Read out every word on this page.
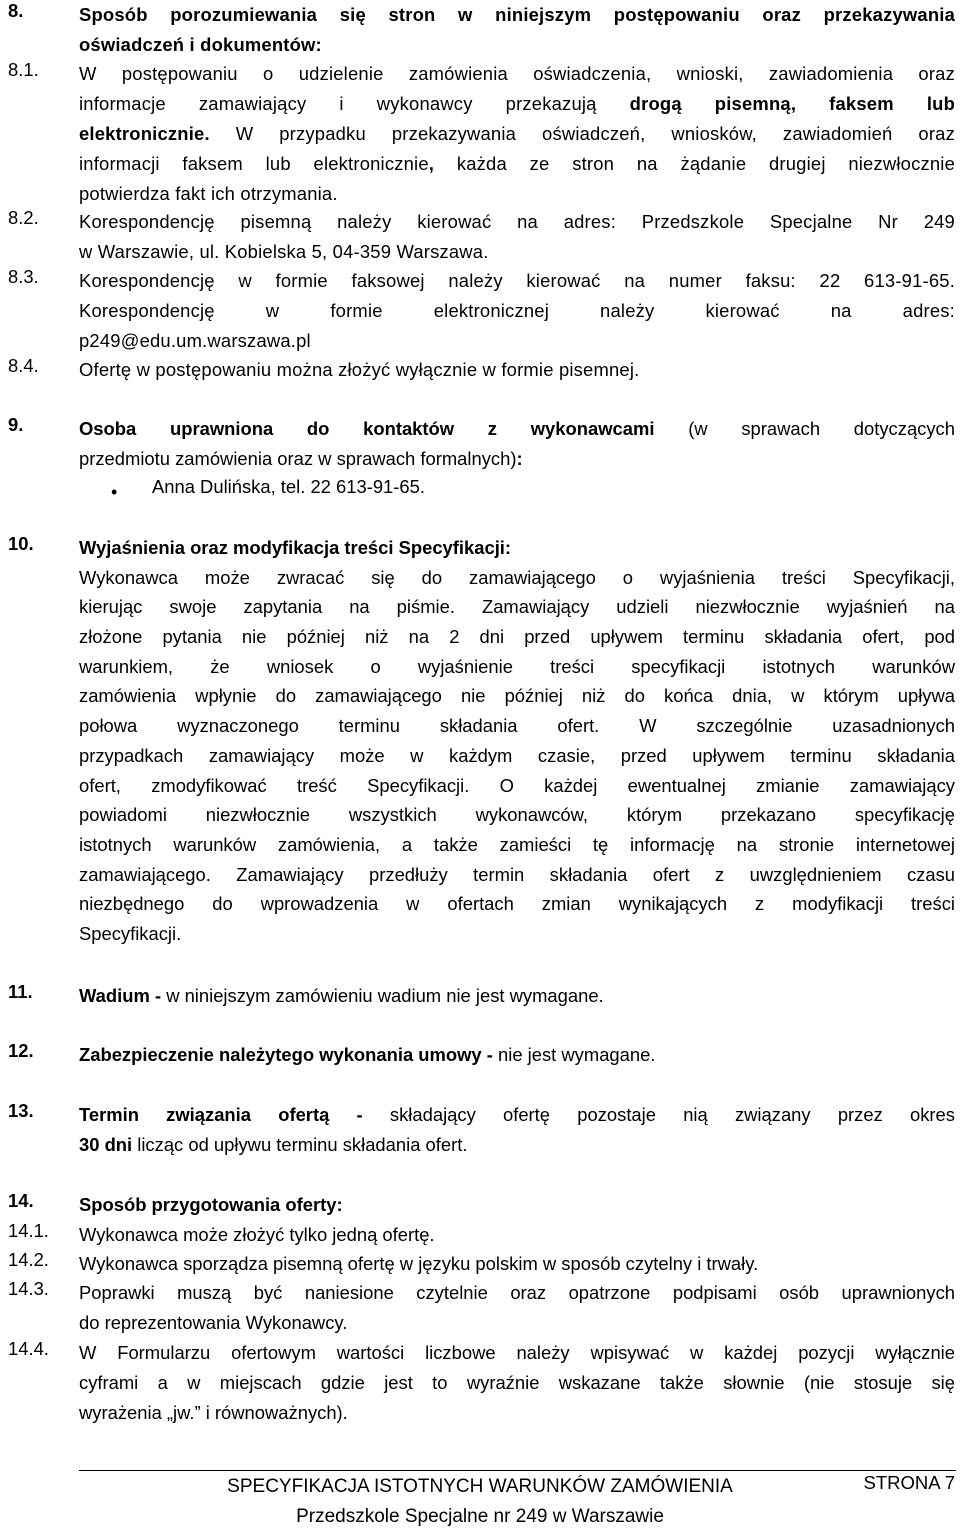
8.	Sposób porozumiewania się stron w niniejszym postępowaniu oraz przekazywania
oświadczeń i dokumentów:
8.1. W postępowaniu o udzielenie zamówienia oświadczenia, wnioski, zawiadomienia oraz
informacje zamawiający i wykonawcy przekazują drogą pisemną, faksem lub
elektronicznie. W przypadku przekazywania oświadczeń, wniosków, zawiadomień oraz
informacji faksem lub elektronicznie, każda ze stron na żądanie drugiej niezwłocznie
potwierdza fakt ich otrzymania.
8.2. Korespondencję pisemną należy kierować na adres: Przedszkole Specjalne Nr 249
w Warszawie, ul. Kobielska 5, 04-359 Warszawa.
8.3. Korespondencję w formie faksowej należy kierować na numer faksu: 22 613-91-65.
Korespondencję w formie elektronicznej należy kierować na adres:
p249@edu.um.warszawa.pl
8.4. Ofertę w postępowaniu można złożyć wyłącznie w formie pisemnej.
9.	Osoba uprawniona do kontaktów z wykonawcami (w sprawach dotyczących
przedmiotu zamówienia oraz w sprawach formalnych):
• Anna Dulińska, tel. 22 613-91-65.
10. Wyjaśnienia oraz modyfikacja treści Specyfikacji:
Wykonawca może zwracać się do zamawiającego o wyjaśnienia treści Specyfikacji,
kierując swoje zapytania na piśmie. Zamawiający udzieli niezwłocznie wyjaśnień na
złożone pytania nie później niż na 2 dni przed upływem terminu składania ofert, pod
warunkiem, że wniosek o wyjaśnienie treści specyfikacji istotnych warunków
zamówienia wpłynie do zamawiającego nie później niż do końca dnia, w którym upływa
połowa wyznaczonego terminu składania ofert. W szczególnie uzasadnionych
przypadkach zamawiający może w każdym czasie, przed upływem terminu składania
ofert, zmodyfikować treść Specyfikacji. O każdej ewentualnej zmianie zamawiający
powiadomi niezwłocznie wszystkich wykonawców, którym przekazano specyfikację
istotnych warunków zamówienia, a także zamieści tę informację na stronie internetowej
zamawiającego. Zamawiający przedłuży termin składania ofert z uwzględnieniem czasu
niezbędnego do wprowadzenia w ofertach zmian wynikających z modyfikacji treści
Specyfikacji.
11.	Wadium - w niniejszym zamówieniu wadium nie jest wymagane.
12. Zabezpieczenie należytego wykonania umowy - nie jest wymagane.
13. Termin związania ofertą - składający ofertę pozostaje nią związany przez okres
30 dni licząc od upływu terminu składania ofert.
14. Sposób przygotowania oferty:
14.1. Wykonawca może złożyć tylko jedną ofertę.
14.2. Wykonawca sporządza pisemną ofertę w języku polskim w sposób czytelny i trwały.
14.3. Poprawki muszą być naniesione czytelnie oraz opatrzone podpisami osób uprawnionych
do reprezentowania Wykonawcy.
14.4. W Formularzu ofertowym wartości liczbowe należy wpisywać w każdej pozycji wyłącznie
cyframi a w miejscach gdzie jest to wyraźnie wskazane także słownie (nie stosuje się
wyrażenia „jw.” i równoważnych).
SPECYFIKACJA ISTOTNYCH WARUNKÓW ZAMÓWIENIA
Przedszkole Specjalne nr 249 w Warszawie
STRONA 7
